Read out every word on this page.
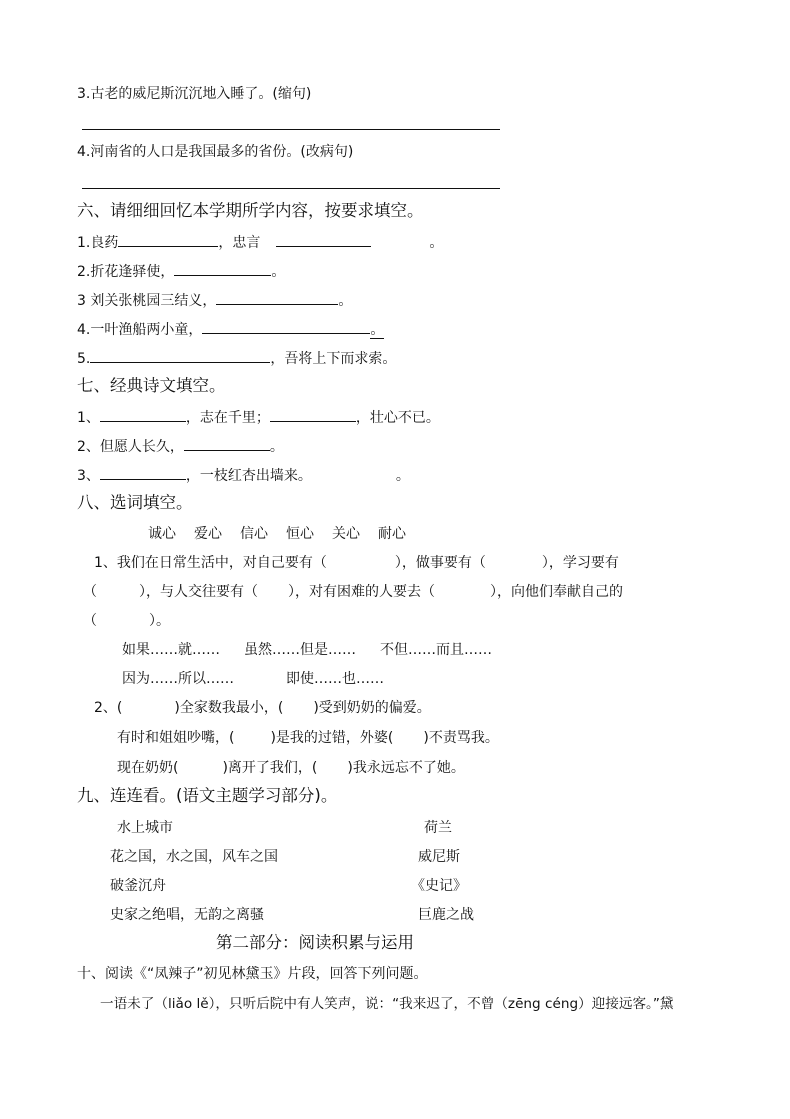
3.古老的威尼斯沉沉地入睡了。(缩句)
4.河南省的人口是我国最多的省份。(改病句)
六、请细细回忆本学期所学内容，按要求填空。
1.良药	，忠言	。
2.折花逢驿使，	。
3 刘关张桃园三结义，	。
4.一叶渔船两小童，	。
5.	，吾将上下而求索。
七、经典诗文填空。
1、	，志在千里；	，壮心不已。
2、但愿人长久，	。
3、	，一枝红杏出墙来。	。
八、选词填空。
诚心 爱心 信心 恒心 关心 耐心
1、我们在日常生活中，对自己要有（	），做事要有（	），学习要有
（	），与人交往要有（ ），对有困难的人要去（	），向他们奉献自己的
（	）。
如果……就…… 虽然……但是…… 不但……而且……
因为……所以……	即使……也……
2、(	)全家数我最小，( )受到奶奶的偏爱。
有时和姐姐吵嘴，(	)是我的过错，外婆( )不责骂我。
现在奶奶(	)离开了我们，( )我永远忘不了她。
九、连连看。(语文主题学习部分)。
水上城市
花之国，水之国，风车之国
破釜沉舟
史家之绝唱，无韵之离骚
荷兰
威尼斯
《史记》
巨鹿之战
第二部分：阅读积累与运用
十、阅读《“凤辣子”初见林黛玉》片段，回答下列问题。
一语未了（liǎo lě），只听后院中有人笑声，说：“我来迟了，不曾（zēng céng）迎接远客。”黛
